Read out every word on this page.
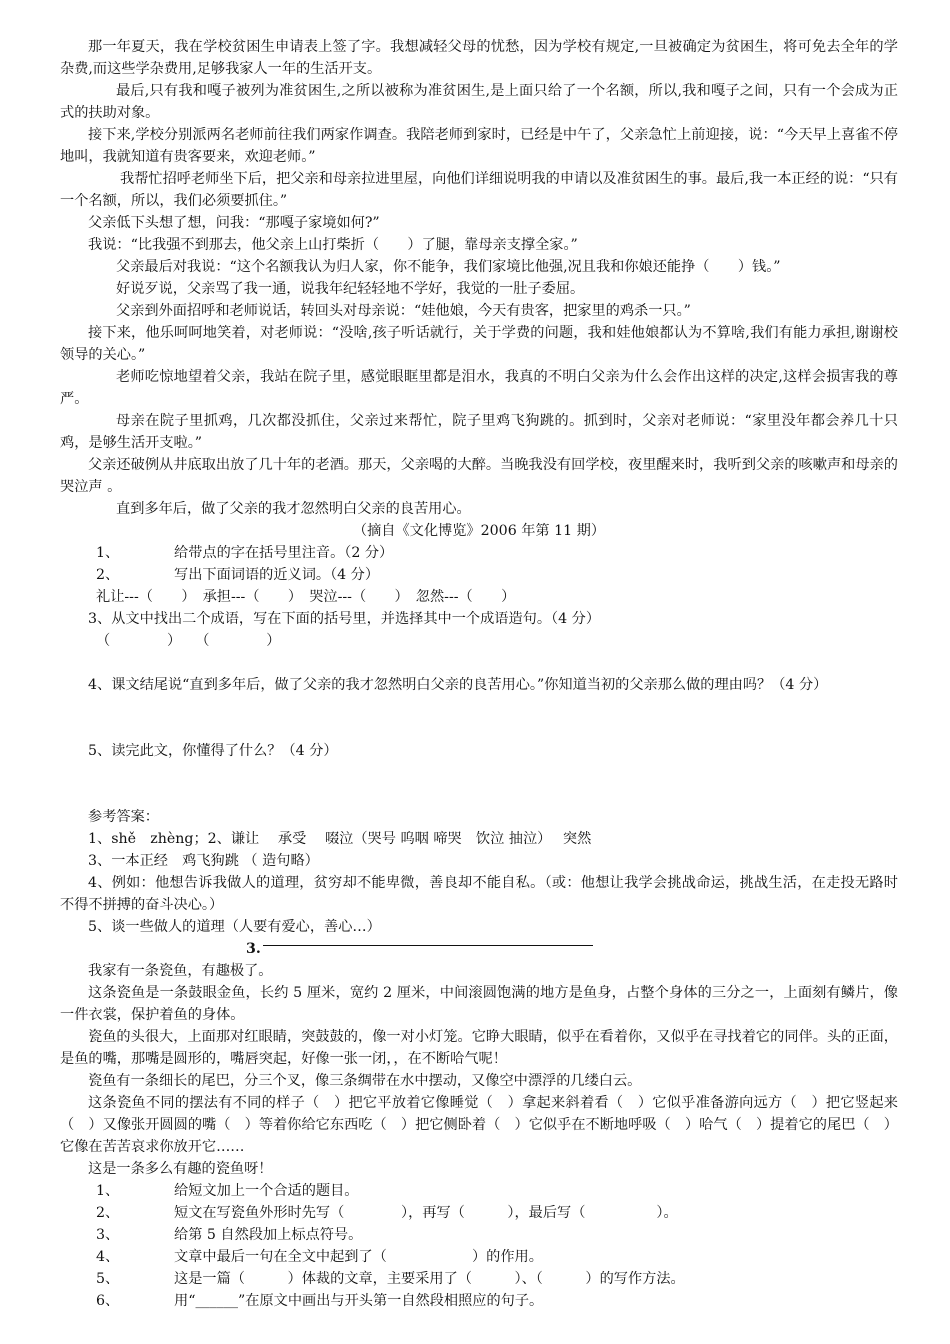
那一年夏天，我在学校贫困生申请表上签了字。我想减轻父母的忧愁，因为学校有规定,一旦被确定为贫困生，将可免去全年的学杂费,而这些学杂费用,足够我家人一年的生活开支。

最后,只有我和嘎子被列为准贫困生,之所以被称为准贫困生,是上面只给了一个名额，所以,我和嘎子之间，只有一个会成为正式的扶助对象。

接下来,学校分别派两名老师前往我们两家作调查。我陪老师到家时，已经是中午了，父亲急忙上前迎接，说：“今天早上喜雀不停地叫，我就知道有贵客要来，欢迎老师。”

我帮忙招呼老师坐下后，把父亲和母亲拉进里屋，向他们详细说明我的申请以及准贫困生的事。最后,我一本正经的说：“只有一个名额，所以，我们必须要抓住。”

父亲低下头想了想，问我：“那嘎子家境如何?”

我说：“比我强不到那去，他父亲上山打柴折（　　）了腿，靠母亲支撑全家。”

父亲最后对我说：“这个名额我认为归人家，你不能争，我们家境比他强,况且我和你娘还能挣（　　）钱。”

好说歹说，父亲骂了我一通，说我年纪轻轻地不学好，我觉的一肚子委屈。

父亲到外面招呼和老师说话，转回头对母亲说：“娃他娘，今天有贵客，把家里的鸡杀一只。”

接下来，他乐呵呵地笑着，对老师说：“没啥,孩子听话就行，关于学费的问题，我和娃他娘都认为不算啥,我们有能力承担,谢谢校领导的关心。”

老师吃惊地望着父亲，我站在院子里，感觉眼眶里都是泪水，我真的不明白父亲为什么会作出这样的决定,这样会损害我的尊严。

母亲在院子里抓鸡，几次都没抓住，父亲过来帮忙，院子里鸡飞狗跳的。抓到时，父亲对老师说：“家里没年都会养几十只鸡，是够生活开支啦。”

父亲还破例从井底取出放了几十年的老酒。那天，父亲喝的大醉。当晚我没有回学校，夜里醒来时，我听到父亲的咳嗽声和母亲的哭泣声 。

直到多年后，做了父亲的我才忽然明白父亲的良苦用心。

（摘自《文化博览》2006 年第 11 期）

1、	给带点的字在括号里注音。（2 分）
2、	写出下面词语的近义词。（4 分）

礼让---（　　）　承担---（　　）　哭泣---（　　）　忽然---（　　）

3、从文中找出二个成语，写在下面的括号里，并选择其中一个成语造句。（4 分）

（　　　　）　　（　　　　）

4、课文结尾说“直到多年后，做了父亲的我才忽然明白父亲的良苦用心。”你知道当初的父亲那么做的理由吗？（4 分）

5、读完此文，你懂得了什么？（4 分）

参考答案：

1、shě　zhèng；2、谦让　 承受　 啜泣（哭号 呜咽 啼哭　饮泣 抽泣）　 突然

3、一本正经　鸡飞狗跳 （ 造句略）

4、例如：他想告诉我做人的道理，贫穷却不能卑微，善良却不能自私。（或：他想让我学会挑战命运，挑战生活，在走投无路时不得不拼搏的奋斗决心。）

5、谈一些做人的道理（人要有爱心，善心…）

3.

我家有一条瓷鱼，有趣极了。

这条瓷鱼是一条鼓眼金鱼，长约 5 厘米，宽约 2 厘米，中间滚圆饱满的地方是鱼身，占整个身体的三分之一，上面刻有鳞片，像一件衣裳，保护着鱼的身体。

瓷鱼的头很大，上面那对红眼睛，突鼓鼓的，像一对小灯笼。它睁大眼睛，似乎在看着你，又似乎在寻找着它的同伴。头的正面，是鱼的嘴，那嘴是圆形的，嘴唇突起，好像一张一闭，，在不断哈气呢！

瓷鱼有一条细长的尾巴，分三个叉，像三条绸带在水中摆动，又像空中漂浮的几缕白云。

这条瓷鱼不同的摆法有不同的样子（　）把它平放着它像睡觉（　）拿起来斜着看（　）它似乎准备游向远方（　）把它竖起来（　）又像张开圆圆的嘴（　）等着你给它东西吃（　）把它侧卧着（　）它似乎在不断地呼吸（　）哈气（　）提着它的尾巴（　）它像在苦苦哀求你放开它……

这是一条多么有趣的瓷鱼呀！

1、	给短文加上一个合适的题目。
2、	短文在写瓷鱼外形时先写（　　　　），再写（　　　），最后写（　　　　　）。
3、	给第 5 自然段加上标点符号。
4、	文章中最后一句在全文中起到了（　　　　　　）的作用。
5、	这是一篇（　　　）体裁的文章，主要采用了（　　　）、（　　　）的写作方法。
6、	用“______”在原文中画出与开头第一自然段相照应的句子。
